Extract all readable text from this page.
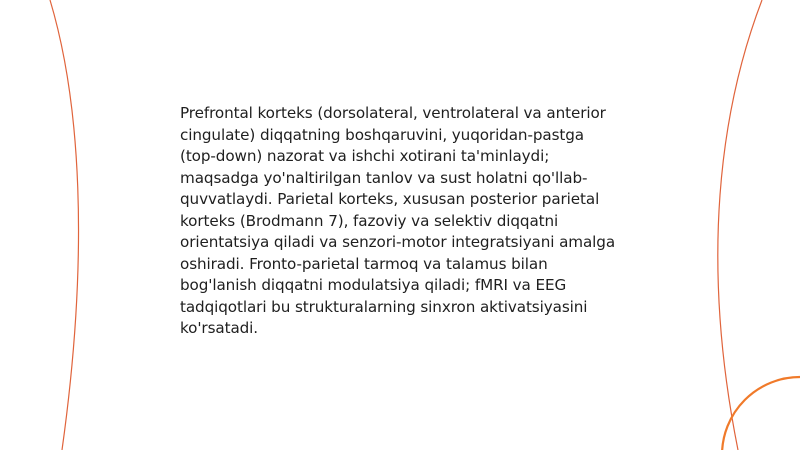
Prefrontal korteks (dorsolateral, ventrolateral va anterior cingulate) diqqatning boshqaruvini, yuqoridan-pastga (top-down) nazorat va ishchi xotirani ta'minlaydi; maqsadga yo'naltirilgan tanlov va sust holatni qo'llab-quvvatlaydi. Parietal korteks, xususan posterior parietal korteks (Brodmann 7), fazoviy va selektiv diqqatni orientatsiya qiladi va senzori-motor integratsiyani amalga oshiradi. Fronto-parietal tarmoq va talamus bilan bog'lanish diqqatni modulatsiya qiladi; fMRI va EEG tadqiqotlari bu strukturalarning sinxron aktivatsiyasini ko'rsatadi.
